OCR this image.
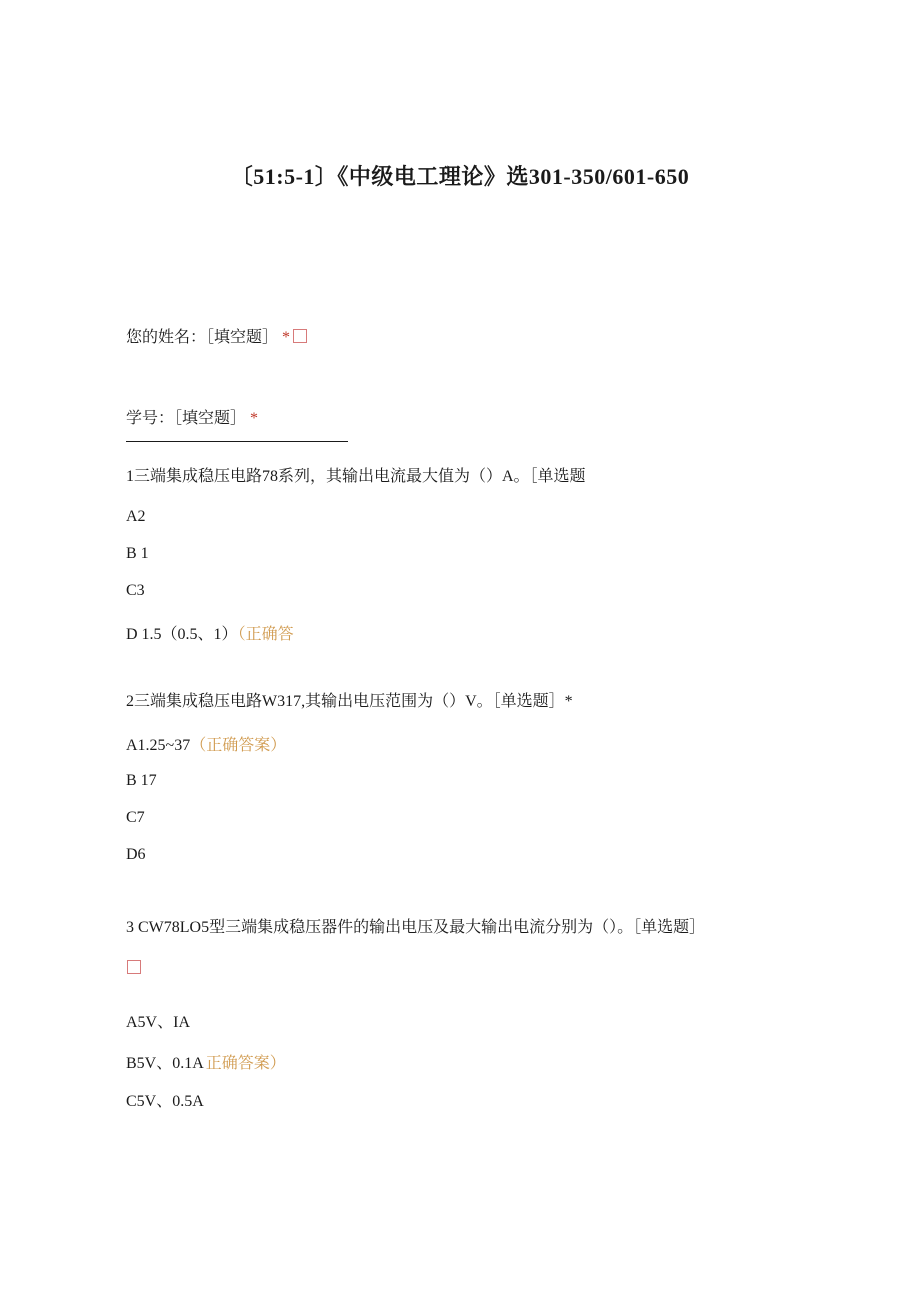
〔51:5-1〕《中级电工理论》选301-350/601-650
您的姓名：［填空题］ *
学号：［填空题］ *
1三端集成稳压电路78系列，其输出电流最大值为（）A。［单选题
A2
B 1
C3
D 1.5（0.5、1）（正确答
2三端集成稳压电路W317,其输出电压范围为（）V。［单选题］*
A1.25~37（正确答案）
B 17
C7
D6
3 CW78LO5型三端集成稳压器件的输出电压及最大输出电流分别为（）。［单选题］
A5V、IA
B5V、0.1A 正确答案）
C5V、0.5A
